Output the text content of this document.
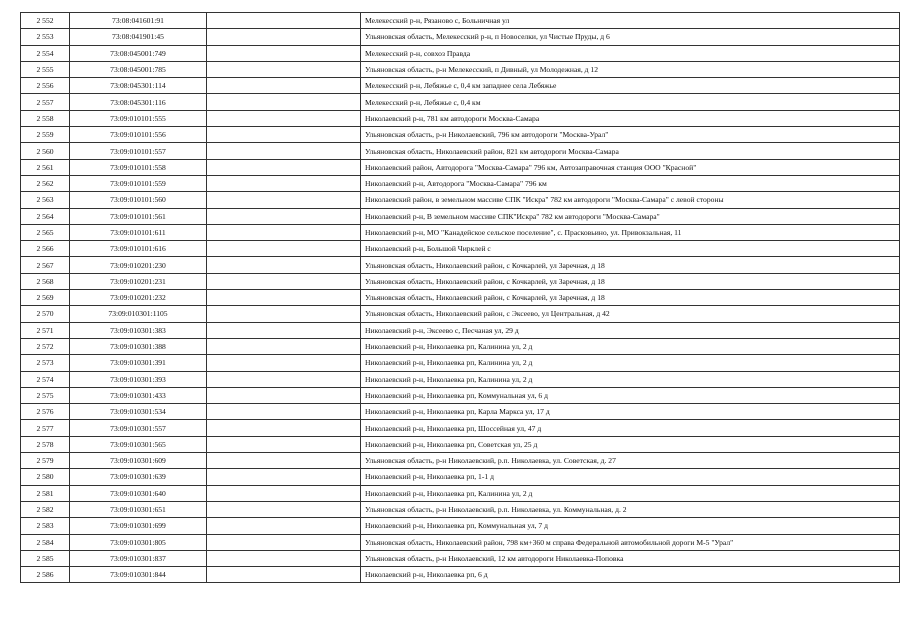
2 552	73:08:041601:91		Мелекесский р-н, Рязаново с, Больничная ул
2 553	73:08:041901:45		Ульяновская область, Мелекесский р-н, п Новоселки, ул Чистые Пруды, д 6
2 554	73:08:045001:749		Мелекесский р-н, совхоз Правда
2 555	73:08:045001:785		Ульяновская область, р-н Мелекесский, п Дивный, ул Молодежная, д 12
2 556	73:08:045301:114		Мелекесский р-н, Лебяжье с, 0,4 км западнее села Лебяжье
2 557	73:08:045301:116		Мелекесский р-н, Лебяжье с, 0,4 км
2 558	73:09:010101:555		Николаевский р-н, 781 км автодороги Москва-Самара
2 559	73:09:010101:556		Ульяновская область, р-н Николаевский, 796 км автодороги "Москва-Урал"
2 560	73:09:010101:557		Ульяновская область, Николаевский район, 821 км автодороги Москва-Самара
2 561	73:09:010101:558		Николаевский район, Автодорога "Москва-Самара" 796 км, Автозаправочная станция ООО "Красной"
2 562	73:09:010101:559		Николаевский р-н, Автодорога "Москва-Самара" 796 км
2 563	73:09:010101:560		Николаевский район, в земельном массиве СПК "Искра" 782 км автодороги "Москва-Самара" с левой стороны
2 564	73:09:010101:561		Николаевский р-н, В земельном массиве СПК"Искра" 782 км автодороги "Москва-Самара"
2 565	73:09:010101:611		Николаевский р-н, МО "Канадейское сельское поселение", с. Прасковьино, ул. Привокзальная, 11
2 566	73:09:010101:616		Николаевский р-н, Большой Чирклей с
2 567	73:09:010201:230		Ульяновская область, Николаевский район, с Кочкарлей, ул Заречная, д 18
2 568	73:09:010201:231		Ульяновская область, Николаевский район, с Кочкарлей, ул Заречная, д 18
2 569	73:09:010201:232		Ульяновская область, Николаевский район, с Кочкарлей, ул Заречная, д 18
2 570	73:09:010301:1105		Ульяновская область, Николаевский район, с Эксеево, ул Центральная, д 42
2 571	73:09:010301:383		Николаевский р-н, Эксеево с, Песчаная ул, 29 д
2 572	73:09:010301:388		Николаевский р-н, Николаевка рп, Калинина ул, 2 д
2 573	73:09:010301:391		Николаевский р-н, Николаевка рп, Калинина ул, 2 д
2 574	73:09:010301:393		Николаевский р-н, Николаевка рп, Калинина ул, 2 д
2 575	73:09:010301:433		Николаевский р-н, Николаевка рп, Коммунальная ул, 6 д
2 576	73:09:010301:534		Николаевский р-н, Николаевка рп, Карла Маркса ул, 17 д
2 577	73:09:010301:557		Николаевский р-н, Николаевка рп, Шоссейная ул, 47 д
2 578	73:09:010301:565		Николаевский р-н, Николаевка рп, Советская ул, 25 д
2 579	73:09:010301:609		Ульяновская область, р-н Николаевский, р.п. Николаевка, ул. Советская, д. 27
2 580	73:09:010301:639		Николаевский р-н, Николаевка рп, 1-1 д
2 581	73:09:010301:640		Николаевский р-н, Николаевка рп, Калинина ул, 2 д
2 582	73:09:010301:651		Ульяновская область, р-н Николаевский, р.п. Николаевка, ул. Коммунальная, д. 2
2 583	73:09:010301:699		Николаевский р-н, Николаевка рп, Коммунальная ул, 7 д
2 584	73:09:010301:805		Ульяновская область, Николаевский район, 798 км+360 м справа Федеральной автомобильной дороги М-5 "Урал"
2 585	73:09:010301:837		Ульяновская область, р-н Николаевский, 12 км автодороги Николаевка-Поповка
2 586	73:09:010301:844		Николаевский р-н, Николаевка рп, 6 д
